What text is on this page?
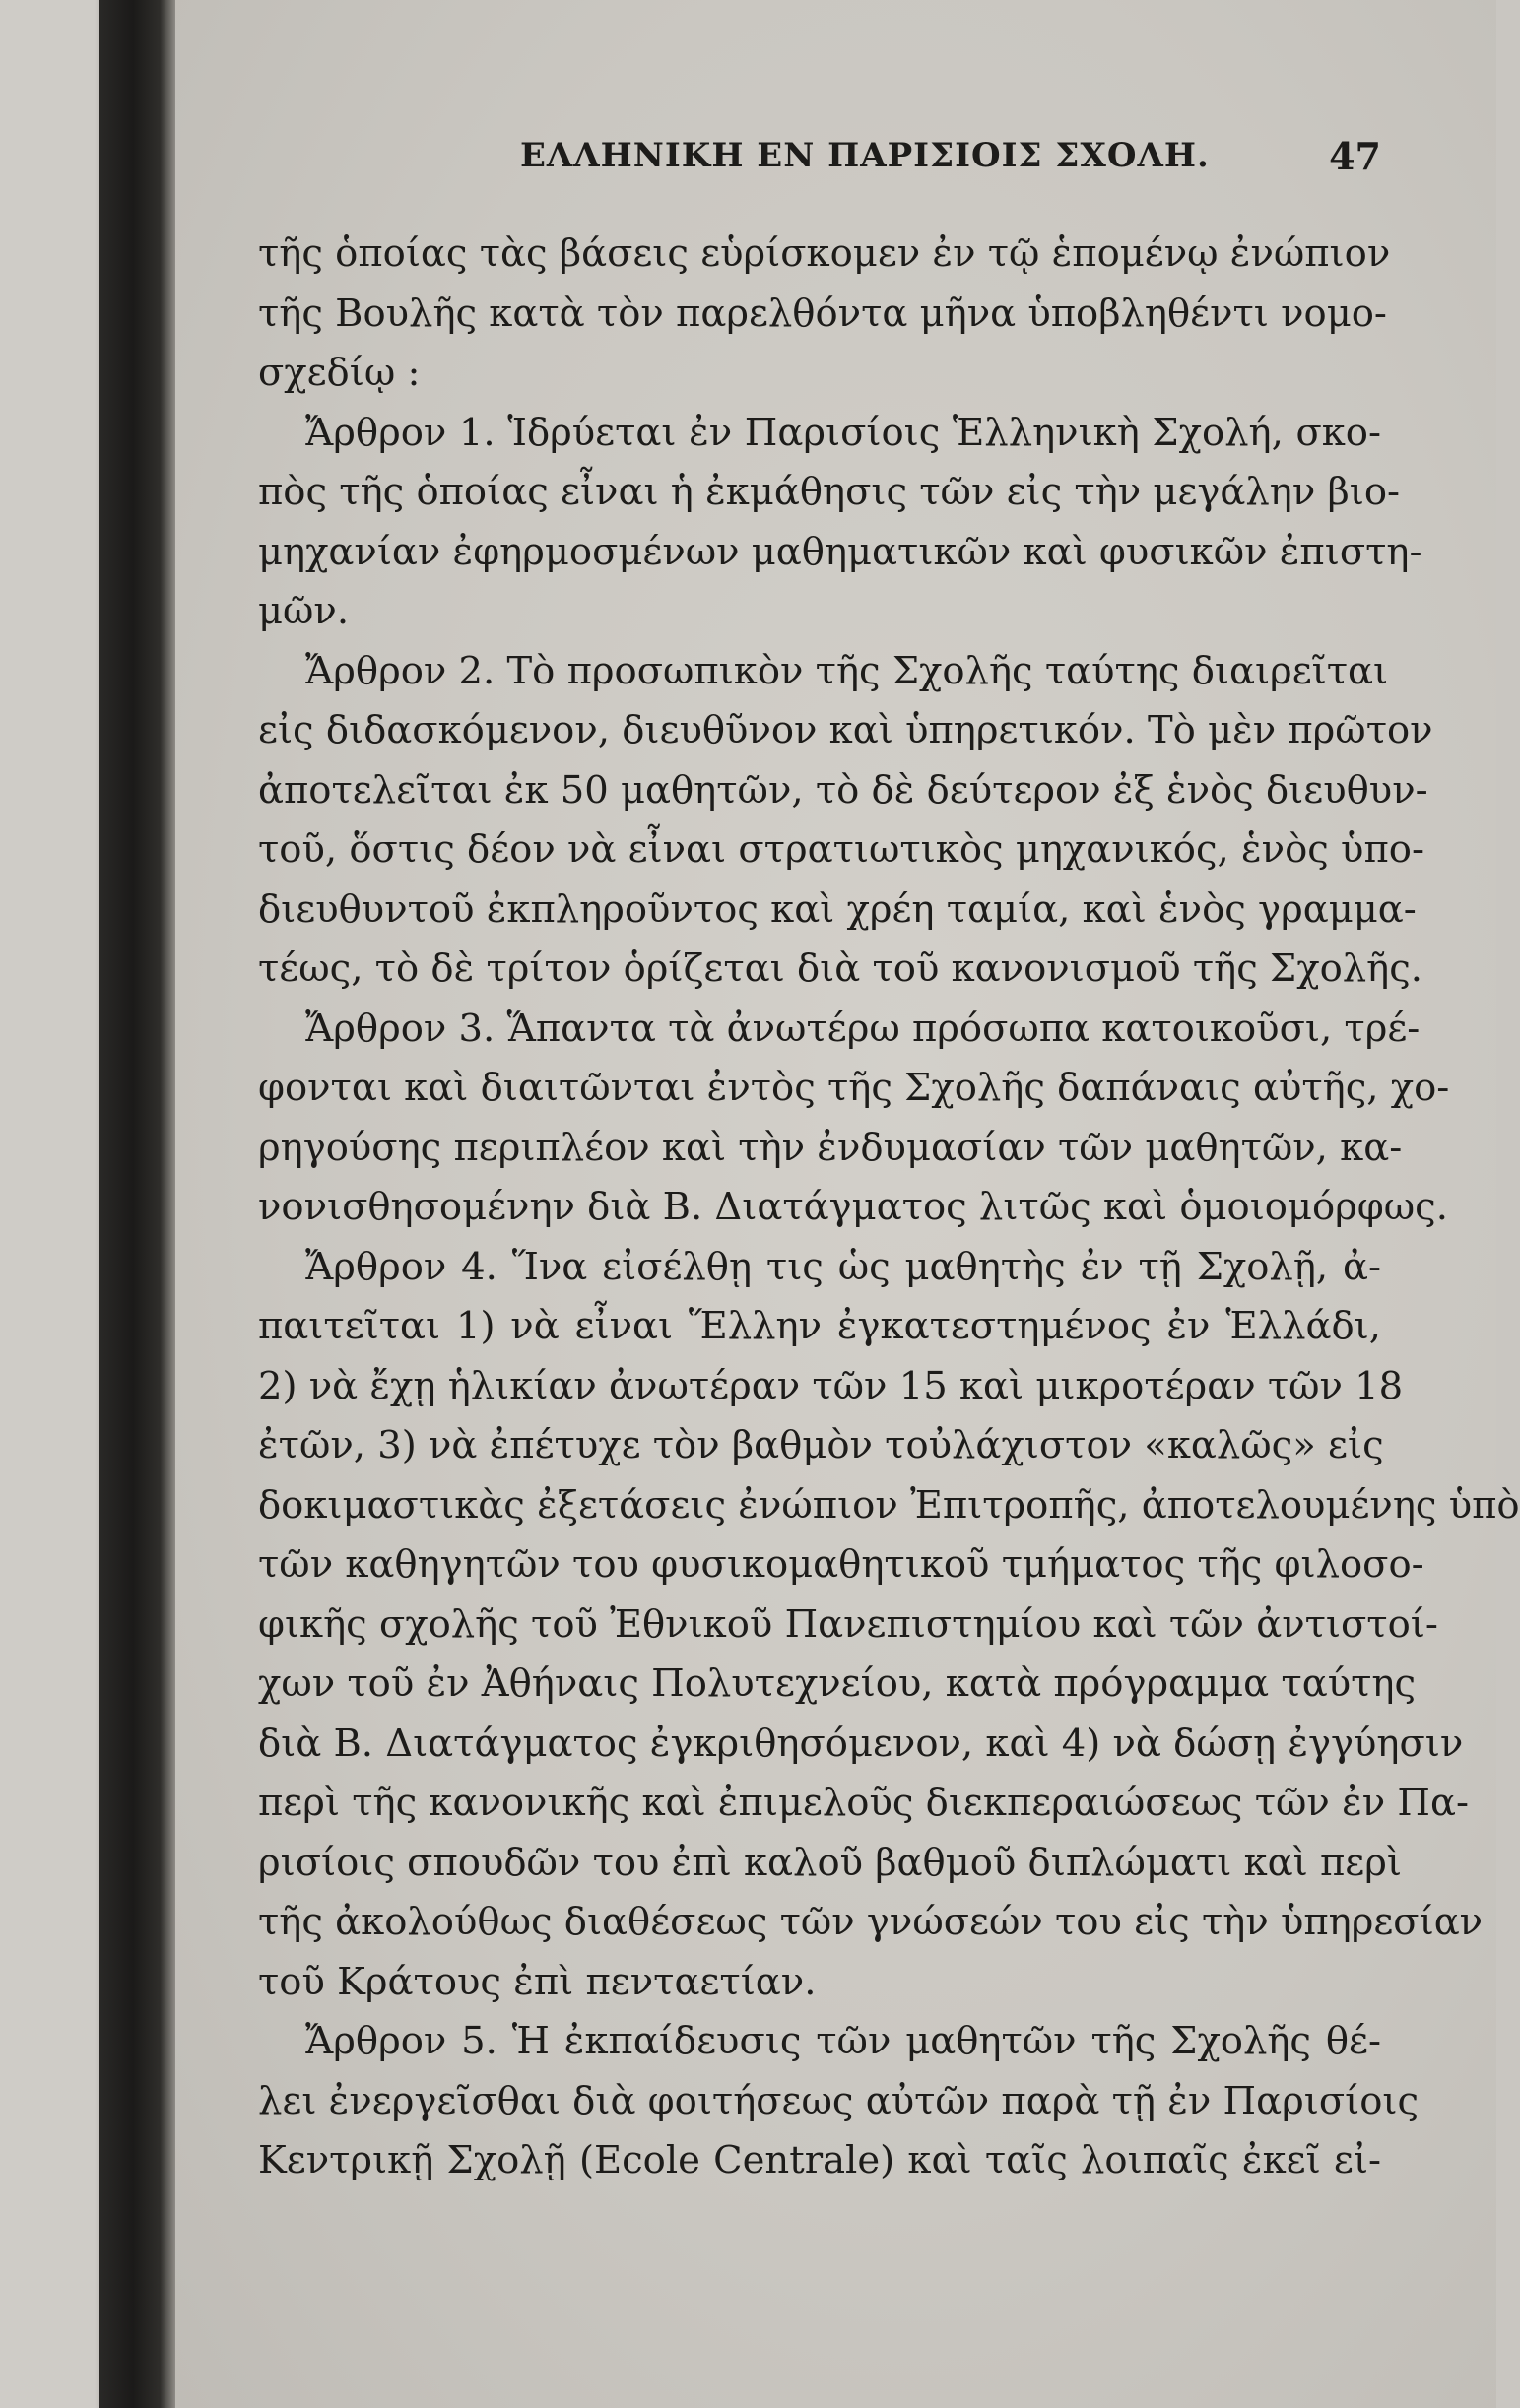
ΕΛΛΗΝΙΚΗ ΕΝ ΠΑΡΙΣΙΟΙΣ ΣΧΟΛΗ.	47
τῆς ὁποίας τὰς βάσεις εὑρίσκομεν ἐν τῷ ἑπομένῳ ἐνώπιον
τῆς Βουλῆς κατὰ τὸν παρελθόντα μῆνα ὑποβληθέντι νομο-
σχεδίῳ :
Ἄρθρον 1. Ἱδρύεται ἐν Παρισίοις Ἑλληνικὴ Σχολή, σκο-
πὸς τῆς ὁποίας εἶναι ἡ ἐκμάθησις τῶν εἰς τὴν μεγάλην βιο-
μηχανίαν ἐφηρμοσμένων μαθηματικῶν καὶ φυσικῶν ἐπιστη-
μῶν.
Ἄρθρον 2. Τὸ προσωπικὸν τῆς Σχολῆς ταύτης διαιρεῖται
εἰς διδασκόμενον, διευθῦνον καὶ ὑπηρετικόν. Τὸ μὲν πρῶτον
ἀποτελεῖται ἐκ 50 μαθητῶν, τὸ δὲ δεύτερον ἐξ ἑνὸς διευθυν-
τοῦ, ὅστις δέον νὰ εἶναι στρατιωτικὸς μηχανικός, ἑνὸς ὑπο-
διευθυντοῦ ἐκπληροῦντος καὶ χρέη ταμία, καὶ ἑνὸς γραμμα-
τέως, τὸ δὲ τρίτον ὁρίζεται διὰ τοῦ κανονισμοῦ τῆς Σχολῆς.
Ἄρθρον 3. Ἅπαντα τὰ ἀνωτέρω πρόσωπα κατοικοῦσι, τρέ-
φονται καὶ διαιτῶνται ἐντὸς τῆς Σχολῆς δαπάναις αὐτῆς, χο-
ρηγούσης περιπλέον καὶ τὴν ἐνδυμασίαν τῶν μαθητῶν, κα-
νονισθησομένην διὰ Β. Διατάγματος λιτῶς καὶ ὁμοιομόρφως.
Ἄρθρον 4. Ἵνα εἰσέλθῃ τις ὡς μαθητὴς ἐν τῇ Σχολῇ, ἀ-
παιτεῖται 1) νὰ εἶναι Ἕλλην ἐγκατεστημένος ἐν Ἑλλάδι,
2) νὰ ἔχῃ ἡλικίαν ἀνωτέραν τῶν 15 καὶ μικροτέραν τῶν 18
ἐτῶν, 3) νὰ ἐπέτυχε τὸν βαθμὸν τοὐλάχιστον «καλῶς» εἰς
δοκιμαστικὰς ἐξετάσεις ἐνώπιον Ἐπιτροπῆς, ἀποτελουμένης ὑπὸ
τῶν καθηγητῶν του φυσικομαθητικοῦ τμήματος τῆς φιλοσο-
φικῆς σχολῆς τοῦ Ἐθνικοῦ Πανεπιστημίου καὶ τῶν ἀντιστοί-
χων τοῦ ἐν Ἀθήναις Πολυτεχνείου, κατὰ πρόγραμμα ταύτης
διὰ Β. Διατάγματος ἐγκριθησόμενον, καὶ 4) νὰ δώσῃ ἐγγύησιν
περὶ τῆς κανονικῆς καὶ ἐπιμελοῦς διεκπεραιώσεως τῶν ἐν Πα-
ρισίοις σπουδῶν του ἐπὶ καλοῦ βαθμοῦ διπλώματι καὶ περὶ
τῆς ἀκολούθως διαθέσεως τῶν γνώσεών του εἰς τὴν ὑπηρεσίαν
τοῦ Κράτους ἐπὶ πενταετίαν.
Ἄρθρον 5. Ἡ ἐκπαίδευσις τῶν μαθητῶν τῆς Σχολῆς θέ-
λει ἐνεργεῖσθαι διὰ φοιτήσεως αὐτῶν παρὰ τῇ ἐν Παρισίοις
Κεντρικῇ Σχολῇ (Ecole Centrale) καὶ ταῖς λοιπαῖς ἐκεῖ εἰ-
